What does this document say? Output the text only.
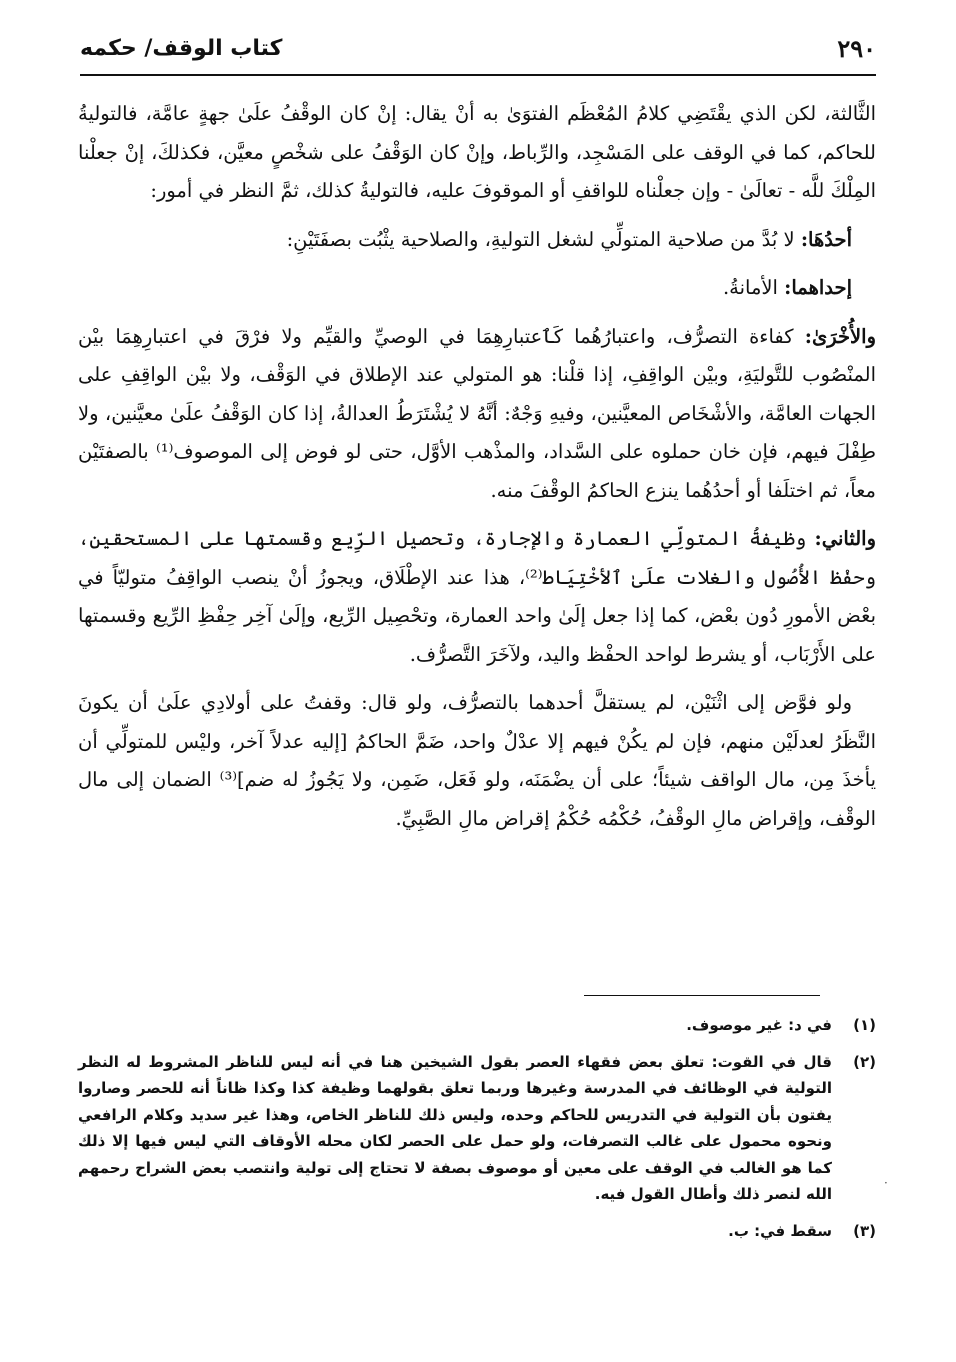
٢٩٠
كتاب الوقف/ حكمه

الثَّالثة، لكن الذي يقْتَضِي كلامُ المُعْظَم الفتوَىٰ به أنْ يقال: إنْ كان الوقْفُ علَىٰ جهةٍ عامَّة، فالتوليةُ للحاكم، كما في الوقف على المَسْجِد، والرِّباط، وإنْ كان الوَقْفُ على شخْصٍ معيَّن، فكذلكَ، إنْ جعلْنا المِلْكَ للَّه - تعالَىٰ - وإن جعلْناه للواقفِ أو الموقوفَ عليه، فالتوليةُ كذلك، ثمَّ النظر في أمور:

أحدُهَا: لا بُدَّ من صلاحية المتولِّي لشغل التوليةِ، والصلاحية يثْبُت بصفَتَيْنِ:

إحداهما: الأمانةُ.

والأُخْرَىٰ: كفاءة التصرُّف، واعتبارُهُما كَٱعتبارِهِمَا في الوصيِّ والقيِّم ولا فرْقَ في اعتبارِهِمَا بيْن المنْصُوب للتَّوليَةِ، وبيْن الواقِفِ، إذا قلْنا: هو المتولي عند الإطلاق في الوَقْف، ولا بيْن الواقِفِ على الجهات العامَّة، والأشْخَاص المعيَّنين، وفيهِ وَجْهٌ: أنَّهُ لا يُشْتَرَطُ العدالةُ، إذا كان الوَقْفُ علَىٰ معيَّنين، ولا طِفْلَ فيهم، فإن خان حملوه على السَّداد، والمذْهب الأوَّل، حتى لو فوض إلى الموصوف⁽¹⁾ بالصفتَيْن معاً، ثم اختلَفا أو أحدُهُما ينزع الحاكمُ الوقْفَ منه.

والثاني: وظيفةُ المتولِّي العمارة والإجارة، وتحصيل الرِّيع وقسمتها على المستحقين، وحفْظ الأُصُول والغلات علَىٰ ٱلأخْتِيَاط⁽²⁾، هذا عند الإطْلَاق، ويجوزُ أنْ ينصب الواقِفُ متوليّاً في بعْض الأمورِ دُون بعْض، كما إذا جعل إلَىٰ واحد العمارة، وتحْصِيل الرِّيع، وإلَىٰ آخِر حِفْظِ الرِّيع وقسمتها على الأَرْبَاب، أو يشرط لواحد الحفْظ واليد، ولآخَرَ التَّصرُّف.

ولو فوَّض إلى اثْنَيْن، لم يستقلَّ أحدهما بالتصرُّف، ولو قال: وقفتُ على أولادِي علَىٰ أن يكونَ النَّظَرُ لعدلَيْن منهم، فإن لم يكُنْ فيهم إلا عدْلٌ واحد، ضَمَّ الحاكمُ [إليه عدلاً آخر، وليْس للمتولِّي أن يأخذَ مِن، مال الواقف شيئاً؛ على أن يضْمَنَه، ولو فَعَل، ضَمِن، ولا يَجُوزُ له ضم]⁽³⁾ الضمان إلى مال الوقْف، وإقراض مالِ الوقْفُ، حُكْمُه حُكْمُ إقراض مالِ الصَّبِيِّ.

(١)
في د: غير موصوف.
(٢)
قال في القوت: تعلق بعض فقهاء العصر بقول الشيخين هنا في أنه ليس للناظر المشروط له النظر التولية في الوظائف في المدرسة وغيرها وربما تعلق بقولهما وظيفة كذا وكذا ظاناً أنه للحصر وصاروا يفتون بأن التولية في التدريس للحاكم وحده، وليس ذلك للناظر الخاص، وهذا غير سديد وكلام الرافعي ونحوه محمول على غالب التصرفات، ولو حمل على الحصر لكان محله الأوقاف التي ليس فيها إلا ذلك كما هو الغالب في الوقف على معين أو موصوف بصفة لا تحتاج إلى تولية وانتصب بعض الشراح رحمهم الله لنصر ذلك وأطال القول فيه.
(٣)
سقط في: ب.
·
